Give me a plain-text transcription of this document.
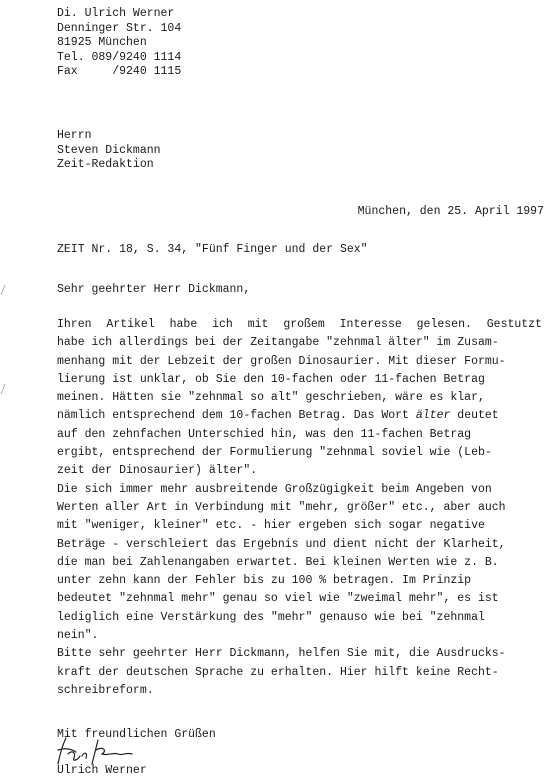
Di. Ulrich Werner
Denninger Str. 104
81925 München
Tel. 089/9240 1114
Fax     /9240 1115
Herrn
Steven Dickmann
Zeit-Redaktion
München, den 25. April 1997
ZEIT Nr. 18, S. 34, "Fünf Finger und der Sex"
Sehr geehrter Herr Dickmann,
Ihren Artikel habe ich mit großem Interesse gelesen. Gestutzt
habe ich allerdings bei der Zeitangabe "zehnmal älter" im Zusam-
menhang mit der Lebzeit der großen Dinosaurier. Mit dieser Formu-
lierung ist unklar, ob Sie den 10-fachen oder 11-fachen Betrag
meinen. Hätten sie "zehnmal so alt" geschrieben, wäre es klar,
nämlich entsprechend dem 10-fachen Betrag. Das Wort älter deutet
auf den zehnfachen Unterschied hin, was den 11-fachen Betrag
ergibt, entsprechend der Formulierung "zehnmal soviel wie (Leb-
zeit der Dinosaurier) älter".
Die sich immer mehr ausbreitende Großzügigkeit beim Angeben von
Werten aller Art in Verbindung mit "mehr, größer" etc., aber auch
mit "weniger, kleiner" etc. - hier ergeben sich sogar negative
Beträge - verschleiert das Ergebnis und dient nicht der Klarheit,
die man bei Zahlenangaben erwartet. Bei kleinen Werten wie z. B.
unter zehn kann der Fehler bis zu 100 % betragen. Im Prinzip
bedeutet "zehnmal mehr" genau so viel wie "zweimal mehr", es ist
lediglich eine Verstärkung des "mehr" genauso wie bei "zehnmal
nein".
Bitte sehr geehrter Herr Dickmann, helfen Sie mit, die Ausdrucks-
kraft der deutschen Sprache zu erhalten. Hier hilft keine Recht-
schreibreform.
Mit freundlichen Grüßen
Ulrich Werner
